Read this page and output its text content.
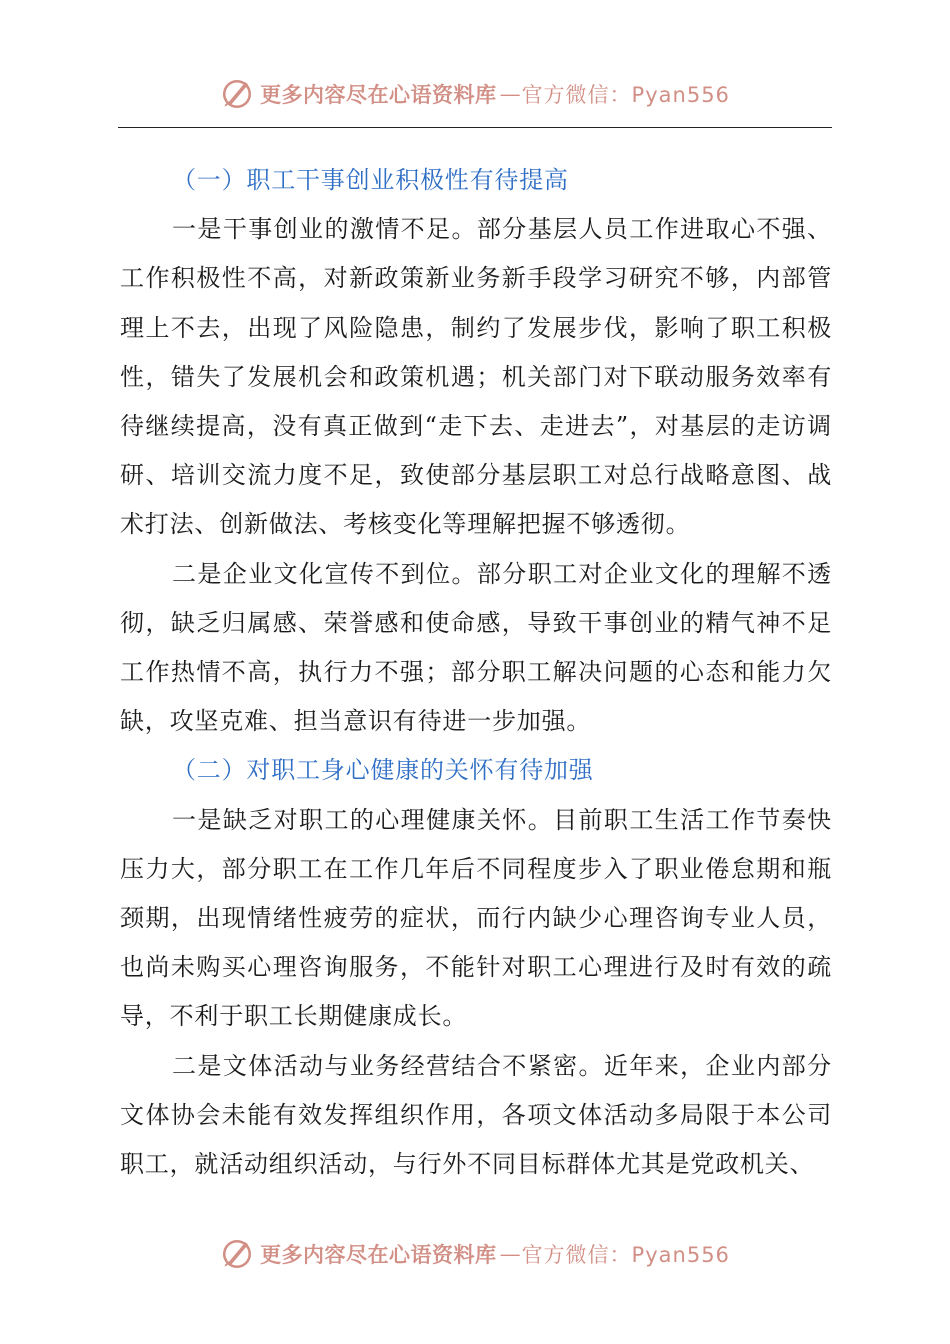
更多内容尽在心语资料库 — 官方微信：Pyan556

（一）职工干事创业积极性有待提高

一是干事创业的激情不足。部分基层人员工作进取心不强、工作积极性不高，对新政策新业务新手段学习研究不够，内部管理上不去，出现了风险隐患，制约了发展步伐，影响了职工积极性，错失了发展机会和政策机遇；机关部门对下联动服务效率有待继续提高，没有真正做到“走下去、走进去”，对基层的走访调研、培训交流力度不足，致使部分基层职工对总行战略意图、战术打法、创新做法、考核变化等理解把握不够透彻。

二是企业文化宣传不到位。部分职工对企业文化的理解不透彻，缺乏归属感、荣誉感和使命感，导致干事创业的精气神不足工作热情不高，执行力不强；部分职工解决问题的心态和能力欠缺，攻坚克难、担当意识有待进一步加强。

（二）对职工身心健康的关怀有待加强

一是缺乏对职工的心理健康关怀。目前职工生活工作节奏快压力大，部分职工在工作几年后不同程度步入了职业倦怠期和瓶颈期，出现情绪性疲劳的症状，而行内缺少心理咨询专业人员，也尚未购买心理咨询服务，不能针对职工心理进行及时有效的疏导，不利于职工长期健康成长。

二是文体活动与业务经营结合不紧密。近年来，企业内部分文体协会未能有效发挥组织作用，各项文体活动多局限于本公司职工，就活动组织活动，与行外不同目标群体尤其是党政机关、

更多内容尽在心语资料库 — 官方微信：Pyan556
